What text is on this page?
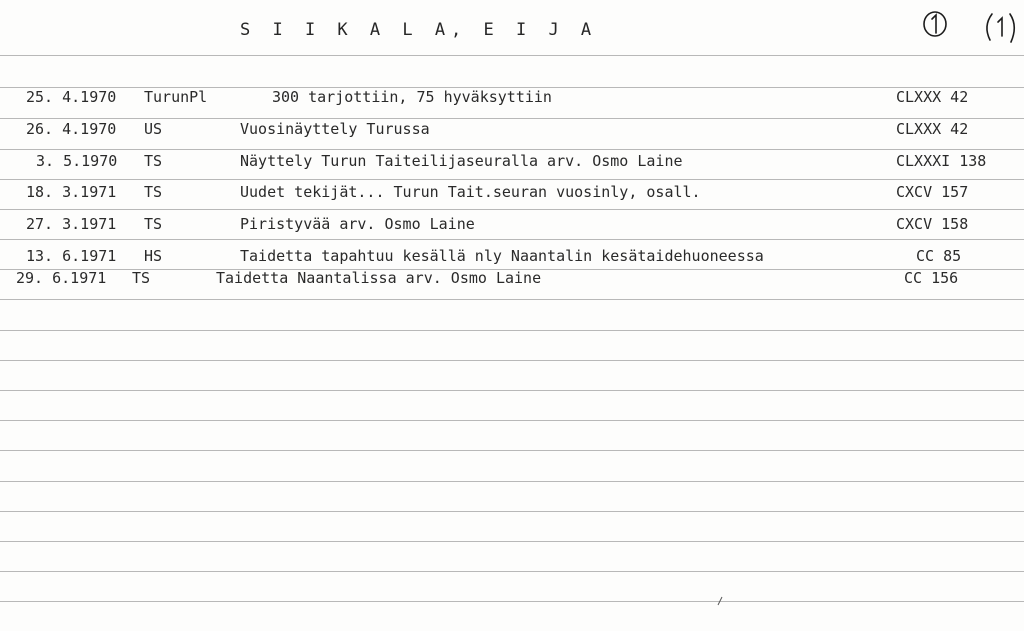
S I I K A L A, E I J A
25. 4.1970 TurunPl	300 tarjottiin, 75 hyväksyttiin	CLXXX 42
26. 4.1970 US	Vuosinäyttely Turussa	CLXXX 42
3. 5.1970 TS	Näyttely Turun Taiteilijaseuralla arv. Osmo Laine	CLXXXI 138
18. 3.1971 TS	Uudet tekijät... Turun Tait.seuran vuosinly, osall.	CXCV 157
27. 3.1971 TS	Piristyvää arv. Osmo Laine	CXCV 158
13. 6.1971 HS	Taidetta tapahtuu kesällä nly Naantalin kesätaidehuoneessa	CC 85
29. 6.1971 TS	Taidetta Naantalissa arv. Osmo Laine	CC 156
